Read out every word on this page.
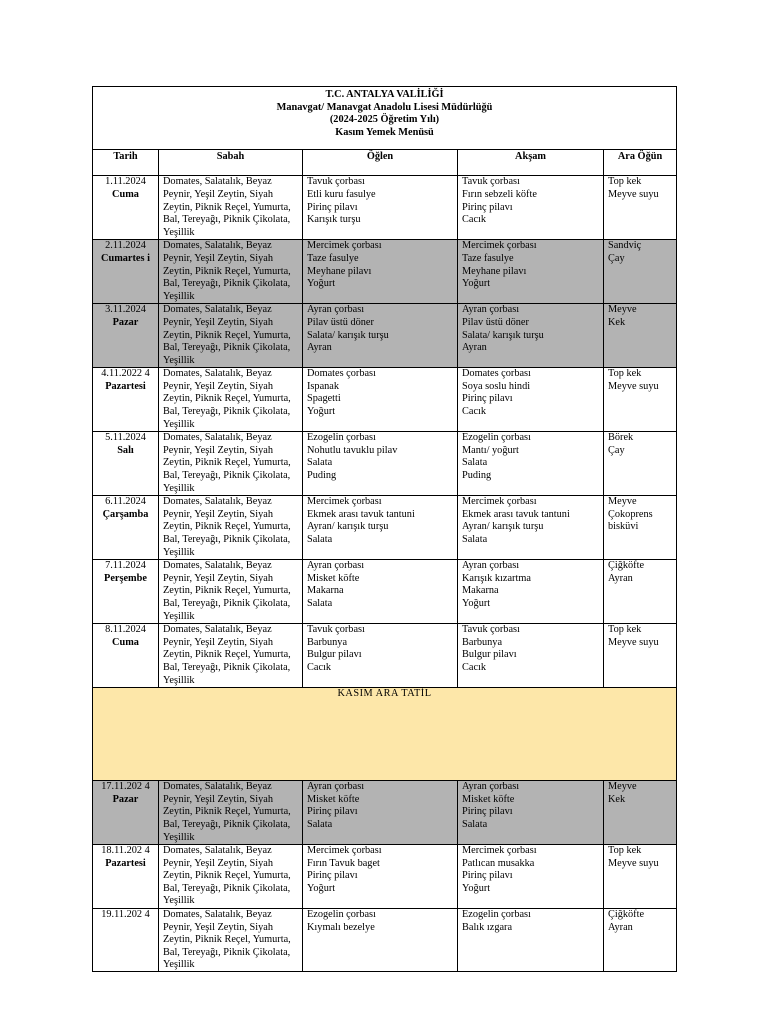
T.C. ANTALYA VALİLİĞİ
Manavgat/ Manavgat Anadolu Lisesi Müdürlüğü
(2024-2025 Öğretim Yılı)
Kasım Yemek Menüsü				

Tarih	Sabah	Öğlen	Akşam	Ara Öğün

1.11.2024
Cuma	Domates, Salatalık, Beyaz Peynir, Yeşil Zeytin, Siyah Zeytin, Piknik Reçel, Yumurta, Bal, Tereyağı, Piknik Çikolata, Yeşillik	Tavuk çorbası
Etli kuru fasulye
Pirinç pilavı
Karışık turşu	Tavuk çorbası
Fırın sebzeli köfte
Pirinç pilavı
Cacık	Top kek
Meyve suyu

2.11.2024
Cumartes i	Domates, Salatalık, Beyaz Peynir, Yeşil Zeytin, Siyah Zeytin, Piknik Reçel, Yumurta, Bal, Tereyağı, Piknik Çikolata, Yeşillik	Mercimek çorbası
Taze fasulye
Meyhane pilavı
Yoğurt	Mercimek çorbası
Taze fasulye
Meyhane pilavı
Yoğurt	Sandviç
Çay

3.11.2024
Pazar	Domates, Salatalık, Beyaz Peynir, Yeşil Zeytin, Siyah Zeytin, Piknik Reçel, Yumurta, Bal, Tereyağı, Piknik Çikolata, Yeşillik	Ayran çorbası
Pilav üstü döner
Salata/ karışık turşu
Ayran	Ayran çorbası
Pilav üstü döner
Salata/ karışık turşu
Ayran	Meyve
Kek

4.11.2022 4
Pazartesi	Domates, Salatalık, Beyaz Peynir, Yeşil Zeytin, Siyah Zeytin, Piknik Reçel, Yumurta, Bal, Tereyağı, Piknik Çikolata, Yeşillik	Domates çorbası
Ispanak
Spagetti
Yoğurt	Domates çorbası
Soya soslu hindi
Pirinç pilavı
Cacık	Top kek
Meyve suyu

5.11.2024
Salı	Domates, Salatalık, Beyaz Peynir, Yeşil Zeytin, Siyah Zeytin, Piknik Reçel, Yumurta, Bal, Tereyağı, Piknik Çikolata, Yeşillik	Ezogelin çorbası
Nohutlu tavuklu pilav
Salata
Puding	Ezogelin çorbası
Mantı/ yoğurt
Salata
Puding	Börek
Çay

6.11.2024
Çarşamba	Domates, Salatalık, Beyaz Peynir, Yeşil Zeytin, Siyah Zeytin, Piknik Reçel, Yumurta, Bal, Tereyağı, Piknik Çikolata, Yeşillik	Mercimek çorbası
Ekmek arası tavuk tantuni
Ayran/ karışık turşu
Salata	Mercimek çorbası
Ekmek arası tavuk tantuni
Ayran/ karışık turşu
Salata	Meyve
Çokoprens
bisküvi

7.11.2024
Perşembe	Domates, Salatalık, Beyaz Peynir, Yeşil Zeytin, Siyah Zeytin, Piknik Reçel, Yumurta, Bal, Tereyağı, Piknik Çikolata, Yeşillik	Ayran çorbası
Misket köfte
Makarna
Salata	Ayran çorbası
Karışık kızartma
Makarna
Yoğurt	Çiğköfte
Ayran

8.11.2024
Cuma	Domates, Salatalık, Beyaz Peynir, Yeşil Zeytin, Siyah Zeytin, Piknik Reçel, Yumurta, Bal, Tereyağı, Piknik Çikolata, Yeşillik	Tavuk çorbası
Barbunya
Bulgur pilavı
Cacık	Tavuk çorbası
Barbunya
Bulgur pilavı
Cacık	Top kek
Meyve suyu

KASIM ARA TATİL				

17.11.202 4
Pazar	Domates, Salatalık, Beyaz Peynir, Yeşil Zeytin, Siyah Zeytin, Piknik Reçel, Yumurta, Bal, Tereyağı, Piknik Çikolata, Yeşillik	Ayran çorbası
Misket köfte
Pirinç pilavı
Salata	Ayran çorbası
Misket köfte
Pirinç pilavı
Salata	Meyve
Kek

18.11.202 4
Pazartesi	Domates, Salatalık, Beyaz Peynir, Yeşil Zeytin, Siyah Zeytin, Piknik Reçel, Yumurta, Bal, Tereyağı, Piknik Çikolata, Yeşillik	Mercimek çorbası
Fırın Tavuk baget
Pirinç pilavı
Yoğurt	Mercimek çorbası
Patlıcan musakka
Pirinç pilavı
Yoğurt	Top kek
Meyve suyu

19.11.202 4	Domates, Salatalık, Beyaz Peynir, Yeşil Zeytin, Siyah Zeytin, Piknik Reçel, Yumurta, Bal, Tereyağı, Piknik Çikolata, Yeşillik	Ezogelin çorbası
Kıymalı bezelye	Ezogelin çorbası
Balık ızgara	Çiğköfte
Ayran
